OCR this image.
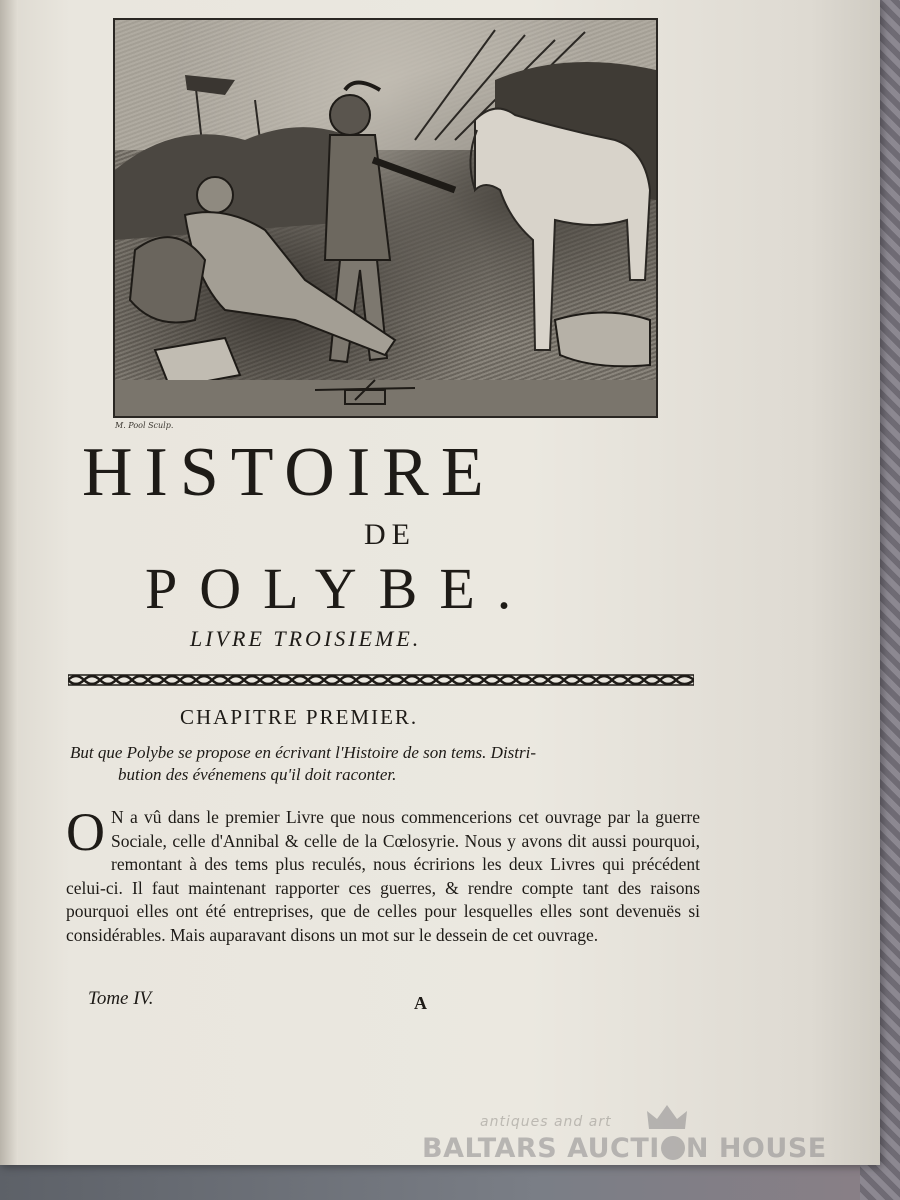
M. Pool Sculp.
HISTOIRE
DE
POLYBE.
LIVRE TROISIEME.
CHAPITRE PREMIER.
But que Polybe se propose en écrivant l'Histoire de son tems. Distri-
bution des événemens qu'il doit raconter.
O N a vû dans le premier Livre que nous commencerions cet ouvrage par la guerre Sociale, celle d'Annibal & celle de la Cœlosyrie. Nous y avons dit aussi pourquoi, remontant à des tems plus reculés, nous écririons les deux Livres qui précédent celui-ci. Il faut maintenant rapporter ces guerres, & rendre compte tant des raisons pourquoi elles ont été entreprises, que de celles pour lesquelles elles sont devenuës si considérables. Mais auparavant disons un mot sur le dessein de cet ouvrage.
Tome IV.	A
antiques and art
BALTARS AUCTI N HOUSE
